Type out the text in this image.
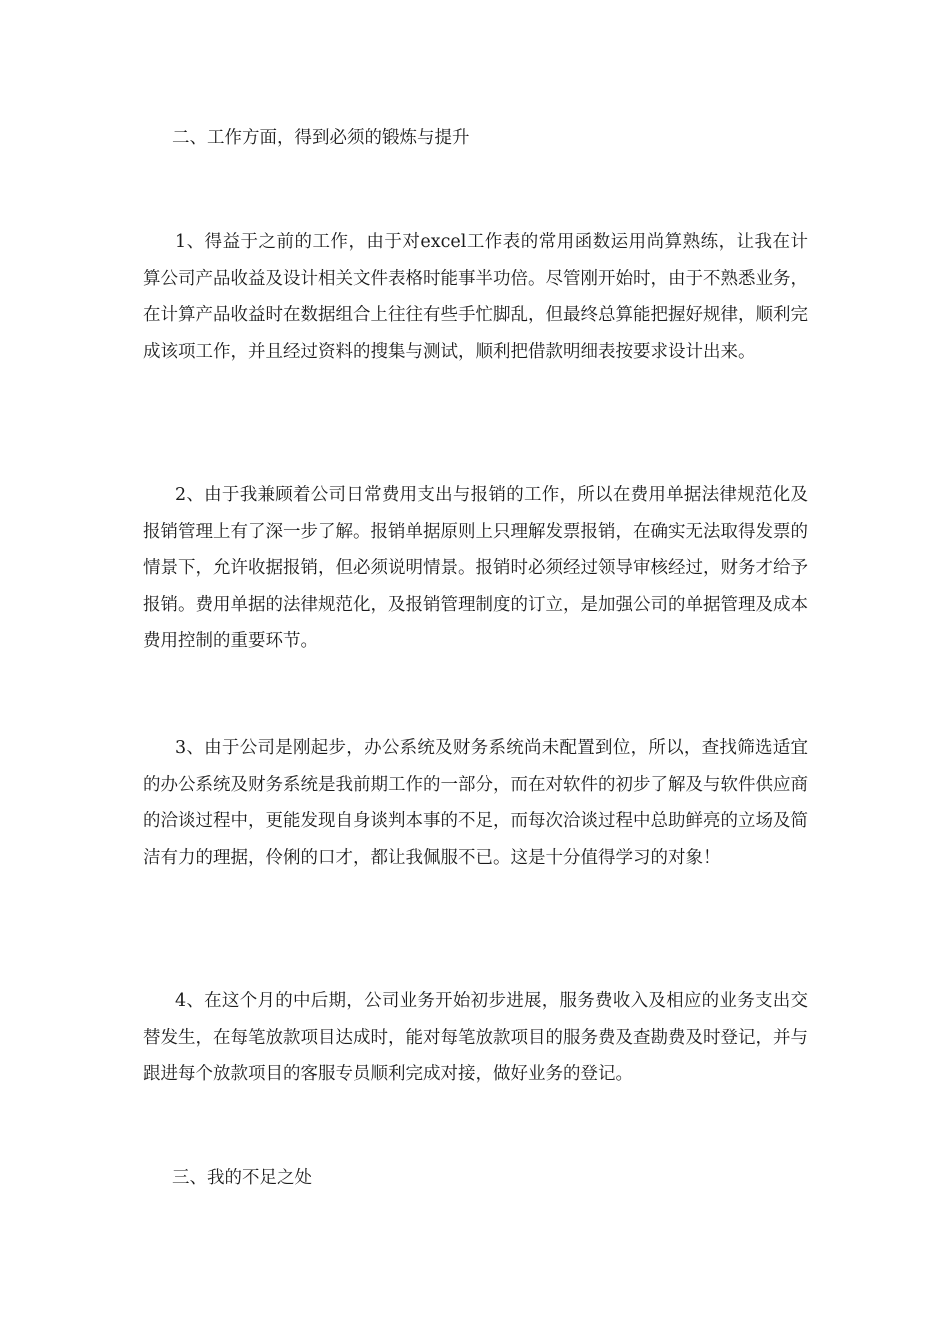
二、工作方面，得到必须的锻炼与提升
1、得益于之前的工作，由于对excel工作表的常用函数运用尚算熟练，让我在计算公司产品收益及设计相关文件表格时能事半功倍。尽管刚开始时，由于不熟悉业务，在计算产品收益时在数据组合上往往有些手忙脚乱，但最终总算能把握好规律，顺利完成该项工作，并且经过资料的搜集与测试，顺利把借款明细表按要求设计出来。
2、由于我兼顾着公司日常费用支出与报销的工作，所以在费用单据法律规范化及报销管理上有了深一步了解。报销单据原则上只理解发票报销，在确实无法取得发票的情景下，允许收据报销，但必须说明情景。报销时必须经过领导审核经过，财务才给予报销。费用单据的法律规范化，及报销管理制度的订立，是加强公司的单据管理及成本费用控制的重要环节。
3、由于公司是刚起步，办公系统及财务系统尚未配置到位，所以，查找筛选适宜的办公系统及财务系统是我前期工作的一部分，而在对软件的初步了解及与软件供应商的洽谈过程中，更能发现自身谈判本事的不足，而每次洽谈过程中总助鲜亮的立场及简洁有力的理据，伶俐的口才，都让我佩服不已。这是十分值得学习的对象！
4、在这个月的中后期，公司业务开始初步进展，服务费收入及相应的业务支出交替发生，在每笔放款项目达成时，能对每笔放款项目的服务费及查勘费及时登记，并与跟进每个放款项目的客服专员顺利完成对接，做好业务的登记。
三、我的不足之处
